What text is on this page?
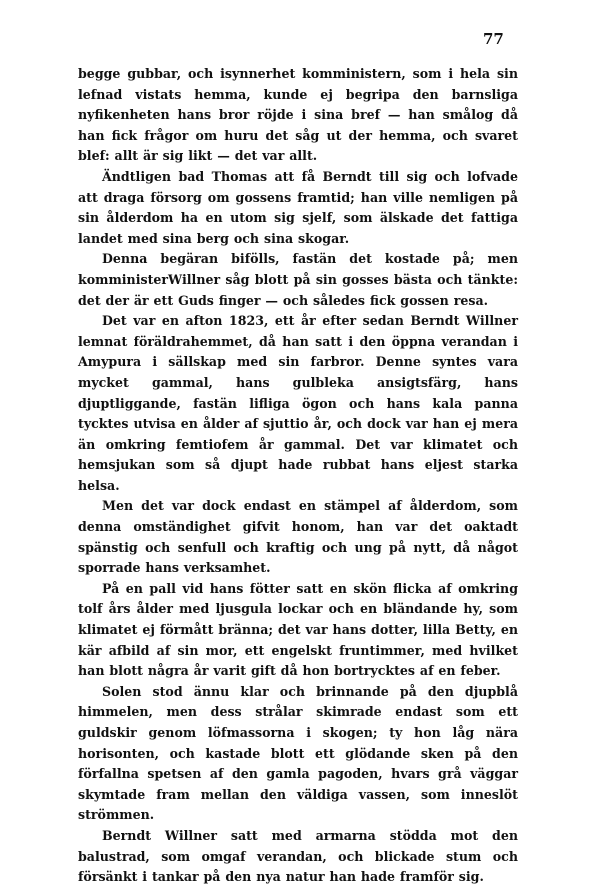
77

begge gubbar, och isynnerhet komministern, som i hela sin lefnad vistats hemma, kunde ej begripa den barnsliga nyfikenheten hans bror röjde i sina bref — han smålog då han fick frågor om huru det såg ut der hemma, och svaret blef: allt är sig likt — det var allt.

Ändtligen bad Thomas att få Berndt till sig och lofvade att draga försorg om gossens framtid; han ville nemligen på sin ålderdom ha en utom sig sjelf, som älskade det fattiga landet med sina berg och sina skogar.

Denna begäran bifölls, fastän det kostade på; men komministerWillner såg blott på sin gosses bästa och tänkte: det der är ett Guds finger — och således fick gossen resa.

Det var en afton 1823, ett år efter sedan Berndt Willner lemnat föräldrahemmet, då han satt i den öppna verandan i Amypura i sällskap med sin farbror. Denne syntes vara mycket gammal, hans gulbleka ansigtsfärg, hans djuptliggande, fastän lifliga ögon och hans kala panna tycktes utvisa en ålder af sjuttio år, och dock var han ej mera än omkring femtiofem år gammal. Det var klimatet och hemsjukan som så djupt hade rubbat hans eljest starka helsa.

Men det var dock endast en stämpel af ålderdom, som denna omständighet gifvit honom, han var det oaktadt spänstig och senfull och kraftig och ung på nytt, då något sporrade hans verksamhet.

På en pall vid hans fötter satt en skön flicka af omkring tolf års ålder med ljusgula lockar och en bländande hy, som klimatet ej förmått bränna; det var hans dotter, lilla Betty, en kär afbild af sin mor, ett engelskt fruntimmer, med hvilket han blott några år varit gift då hon bortrycktes af en feber.

Solen stod ännu klar och brinnande på den djupblå himmelen, men dess strålar skimrade endast som ett guldskir genom löfmassorna i skogen; ty hon låg nära horisonten, och kastade blott ett glödande sken på den förfallna spetsen af den gamla pagoden, hvars grå väggar skymtade fram mellan den väldiga vassen, som inneslöt strömmen.

Berndt Willner satt med armarna stödda mot den balustrad, som omgaf verandan, och blickade stum och försänkt i tankar på den nya natur han hade framför sig.
